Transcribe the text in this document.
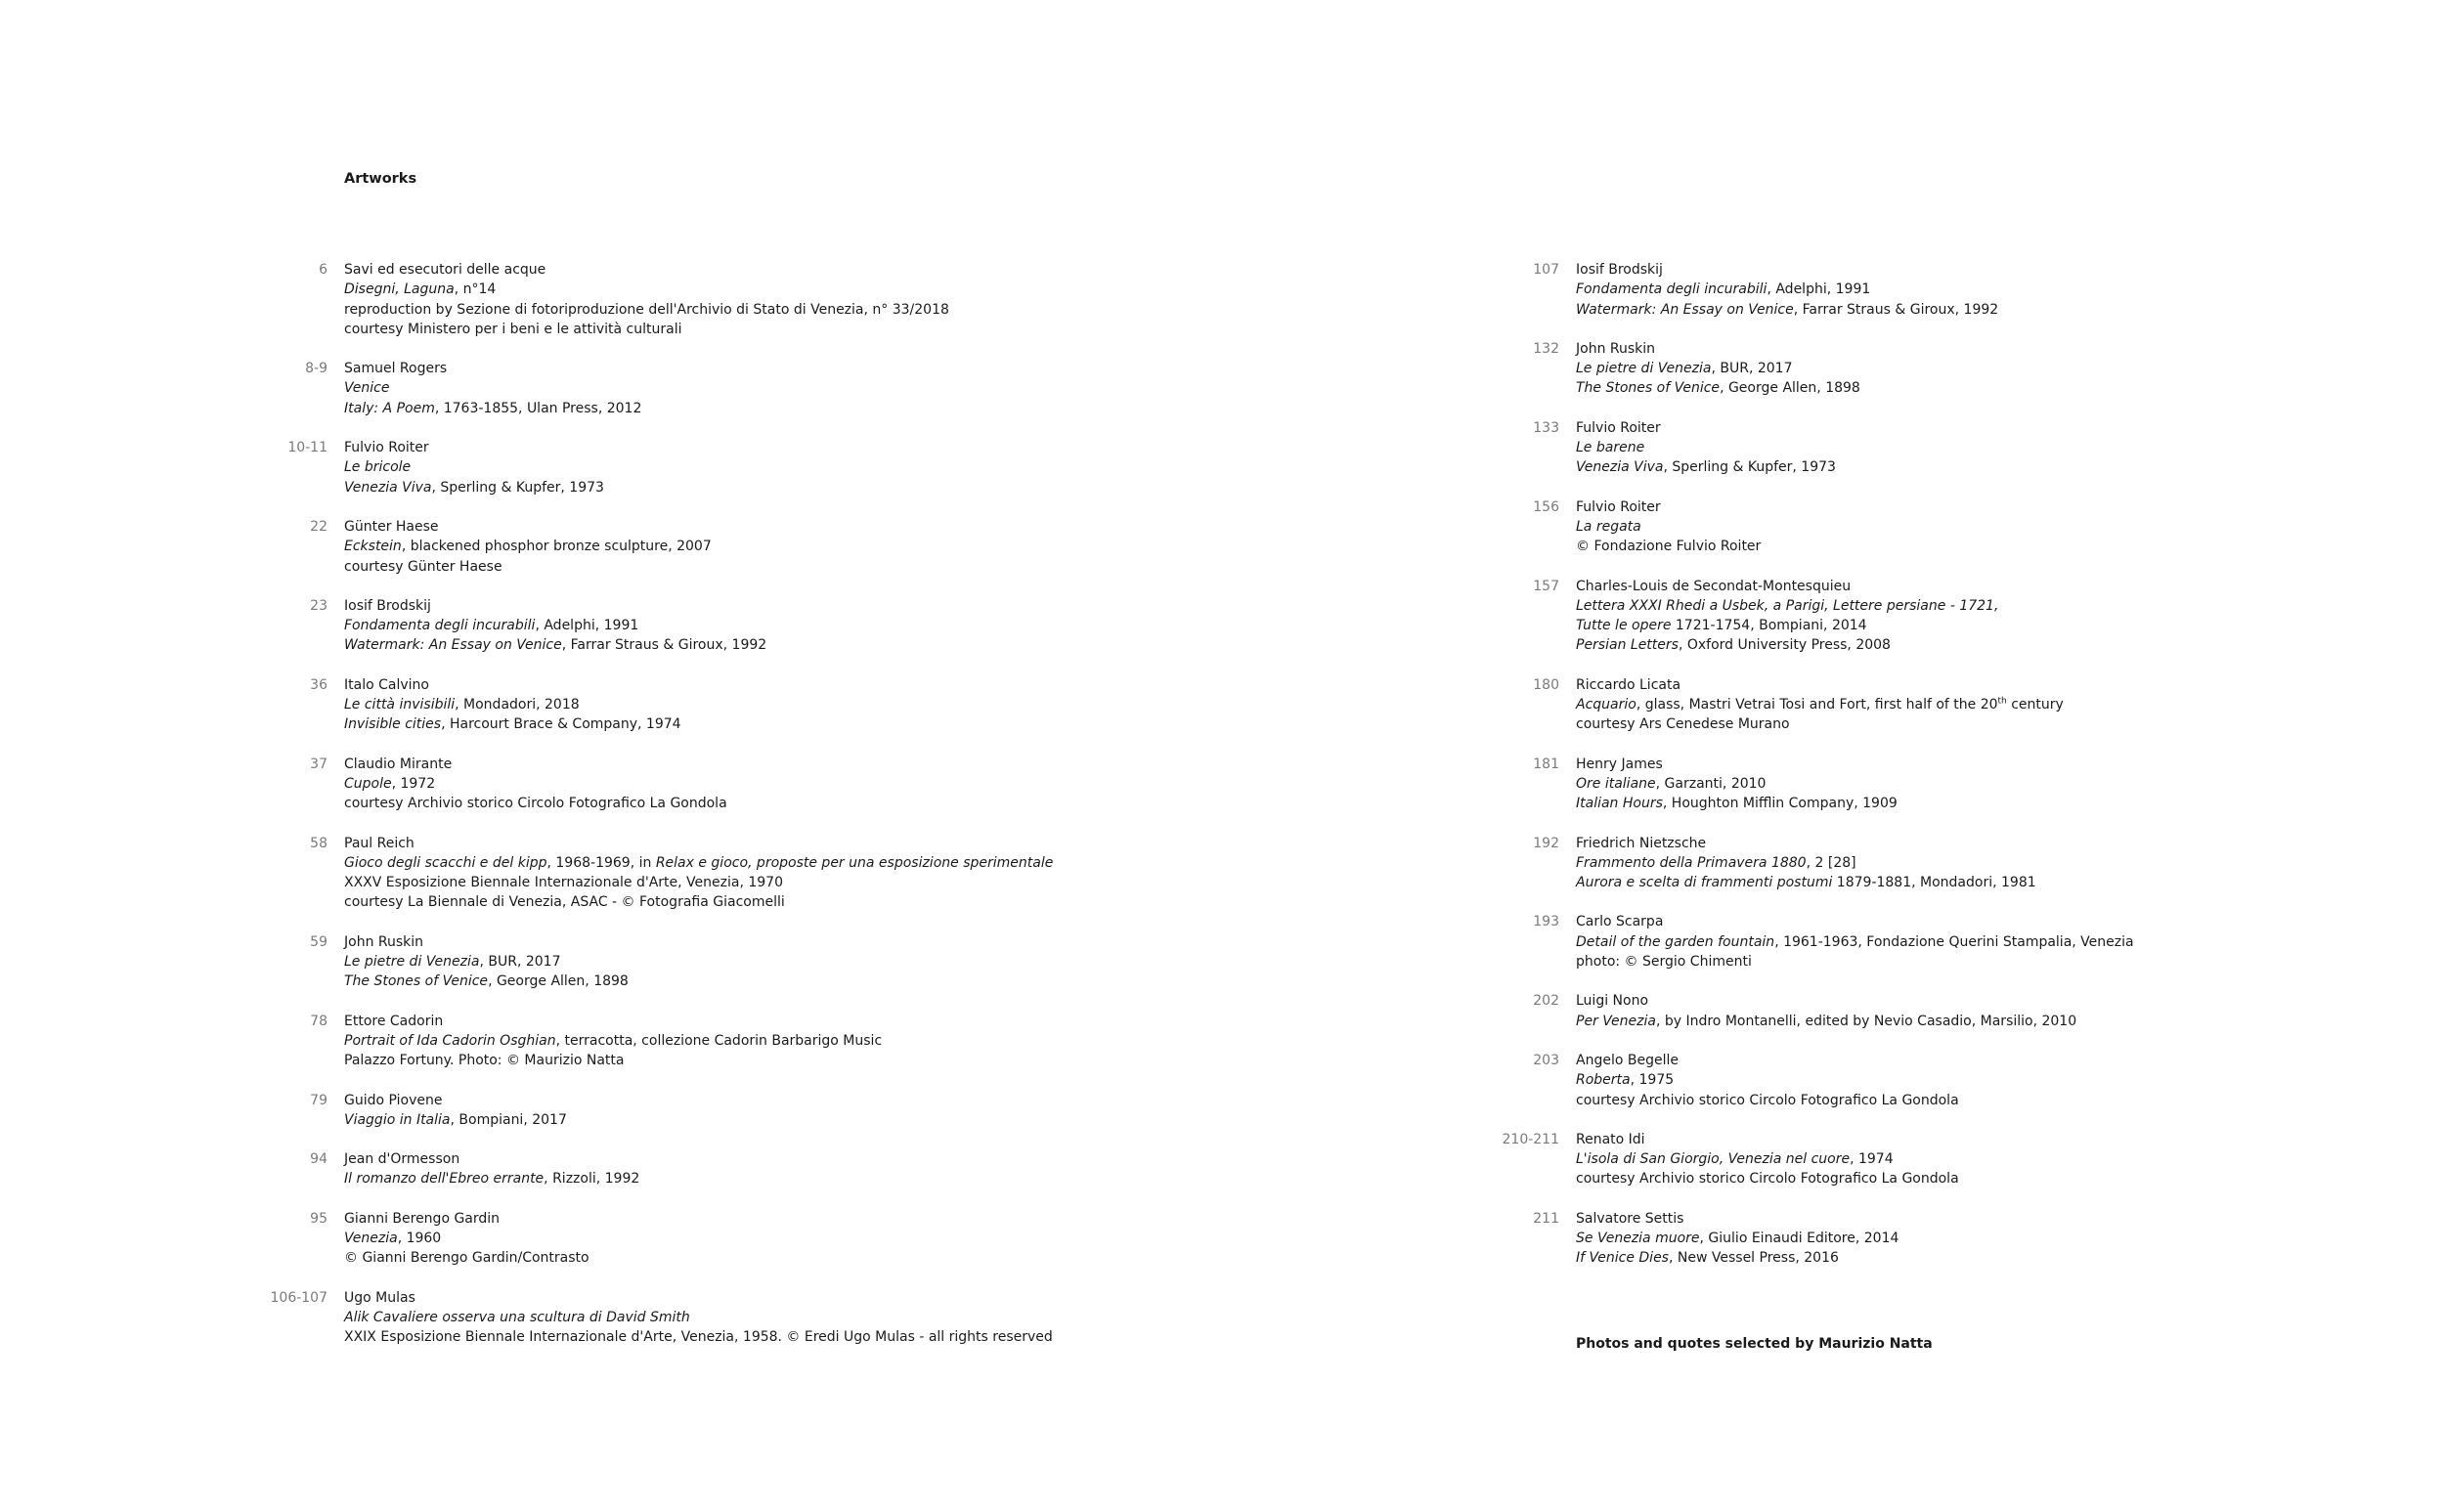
Artworks
6 Savi ed esecutori delle acque
Disegni, Laguna, n°14
reproduction by Sezione di fotoriproduzione dell'Archivio di Stato di Venezia, n° 33/2018
courtesy Ministero per i beni e le attività culturali
8-9 Samuel Rogers
Venice
Italy: A Poem, 1763-1855, Ulan Press, 2012
10-11 Fulvio Roiter
Le bricole
Venezia Viva, Sperling & Kupfer, 1973
22 Günter Haese
Eckstein, blackened phosphor bronze sculpture, 2007
courtesy Günter Haese
23 Iosif Brodskij
Fondamenta degli incurabili, Adelphi, 1991
Watermark: An Essay on Venice, Farrar Straus & Giroux, 1992
36 Italo Calvino
Le città invisibili, Mondadori, 2018
Invisible cities, Harcourt Brace & Company, 1974
37 Claudio Mirante
Cupole, 1972
courtesy Archivio storico Circolo Fotografico La Gondola
58 Paul Reich
Gioco degli scacchi e del kipp, 1968-1969, in Relax e gioco, proposte per una esposizione sperimentale
XXXV Esposizione Biennale Internazionale d'Arte, Venezia, 1970
courtesy La Biennale di Venezia, ASAC - © Fotografia Giacomelli
59 John Ruskin
Le pietre di Venezia, BUR, 2017
The Stones of Venice, George Allen, 1898
78 Ettore Cadorin
Portrait of Ida Cadorin Osghian, terracotta, collezione Cadorin Barbarigo Music
Palazzo Fortuny. Photo: © Maurizio Natta
79 Guido Piovene
Viaggio in Italia, Bompiani, 2017
94 Jean d'Ormesson
Il romanzo dell'Ebreo errante, Rizzoli, 1992
95 Gianni Berengo Gardin
Venezia, 1960
© Gianni Berengo Gardin/Contrasto
106-107 Ugo Mulas
Alik Cavaliere osserva una scultura di David Smith
XXIX Esposizione Biennale Internazionale d'Arte, Venezia, 1958. © Eredi Ugo Mulas - all rights reserved
107 Iosif Brodskij
Fondamenta degli incurabili, Adelphi, 1991
Watermark: An Essay on Venice, Farrar Straus & Giroux, 1992
132 John Ruskin
Le pietre di Venezia, BUR, 2017
The Stones of Venice, George Allen, 1898
133 Fulvio Roiter
Le barene
Venezia Viva, Sperling & Kupfer, 1973
156 Fulvio Roiter
La regata
© Fondazione Fulvio Roiter
157 Charles-Louis de Secondat-Montesquieu
Lettera XXXI Rhedi a Usbek, a Parigi, Lettere persiane - 1721,
Tutte le opere 1721-1754, Bompiani, 2014
Persian Letters, Oxford University Press, 2008
180 Riccardo Licata
Acquario, glass, Mastri Vetrai Tosi and Fort, first half of the 20th century
courtesy Ars Cenedese Murano
181 Henry James
Ore italiane, Garzanti, 2010
Italian Hours, Houghton Mifflin Company, 1909
192 Friedrich Nietzsche
Frammento della Primavera 1880, 2 [28]
Aurora e scelta di frammenti postumi 1879-1881, Mondadori, 1981
193 Carlo Scarpa
Detail of the garden fountain, 1961-1963, Fondazione Querini Stampalia, Venezia
photo: © Sergio Chimenti
202 Luigi Nono
Per Venezia, by Indro Montanelli, edited by Nevio Casadio, Marsilio, 2010
203 Angelo Begelle
Roberta, 1975
courtesy Archivio storico Circolo Fotografico La Gondola
210-211 Renato Idi
L'isola di San Giorgio, Venezia nel cuore, 1974
courtesy Archivio storico Circolo Fotografico La Gondola
211 Salvatore Settis
Se Venezia muore, Giulio Einaudi Editore, 2014
If Venice Dies, New Vessel Press, 2016
Photos and quotes selected by Maurizio Natta
